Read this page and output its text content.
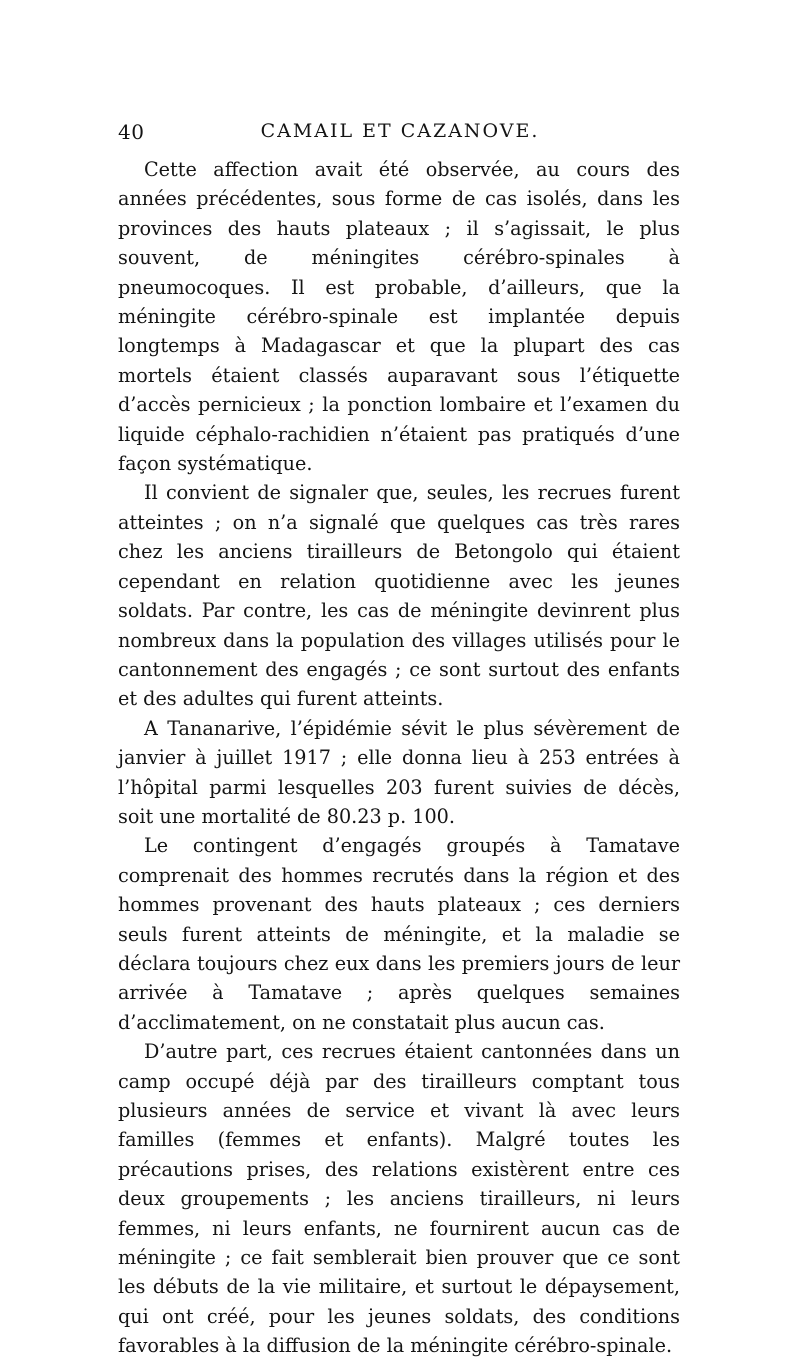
40	CAMAIL ET CAZANOVE.

Cette affection avait été observée, au cours des années précédentes, sous forme de cas isolés, dans les provinces des hauts plateaux ; il s’agissait, le plus souvent, de méningites cérébro-spinales à pneumocoques. Il est probable, d’ailleurs, que la méningite cérébro-spinale est implantée depuis longtemps à Madagascar et que la plupart des cas mortels étaient classés auparavant sous l’étiquette d’accès pernicieux ; la ponction lombaire et l’examen du liquide céphalo-rachidien n’étaient pas pratiqués d’une façon systématique.

Il convient de signaler que, seules, les recrues furent atteintes ; on n’a signalé que quelques cas très rares chez les anciens tirailleurs de Betongolo qui étaient cependant en relation quotidienne avec les jeunes soldats. Par contre, les cas de méningite devinrent plus nombreux dans la population des villages utilisés pour le cantonnement des engagés ; ce sont surtout des enfants et des adultes qui furent atteints.

A Tananarive, l’épidémie sévit le plus sévèrement de janvier à juillet 1917 ; elle donna lieu à 253 entrées à l’hôpital parmi lesquelles 203 furent suivies de décès, soit une mortalité de 80.23 p. 100.

Le contingent d’engagés groupés à Tamatave comprenait des hommes recrutés dans la région et des hommes provenant des hauts plateaux ; ces derniers seuls furent atteints de méningite, et la maladie se déclara toujours chez eux dans les premiers jours de leur arrivée à Tamatave ; après quelques semaines d’acclimatement, on ne constatait plus aucun cas.

D’autre part, ces recrues étaient cantonnées dans un camp occupé déjà par des tirailleurs comptant tous plusieurs années de service et vivant là avec leurs familles (femmes et enfants). Malgré toutes les précautions prises, des relations existèrent entre ces deux groupements ; les anciens tirailleurs, ni leurs femmes, ni leurs enfants, ne fournirent aucun cas de méningite ; ce fait semblerait bien prouver que ce sont les débuts de la vie militaire, et surtout le dépaysement, qui ont créé, pour les jeunes soldats, des conditions favorables à la diffusion de la méningite cérébro-spinale.
